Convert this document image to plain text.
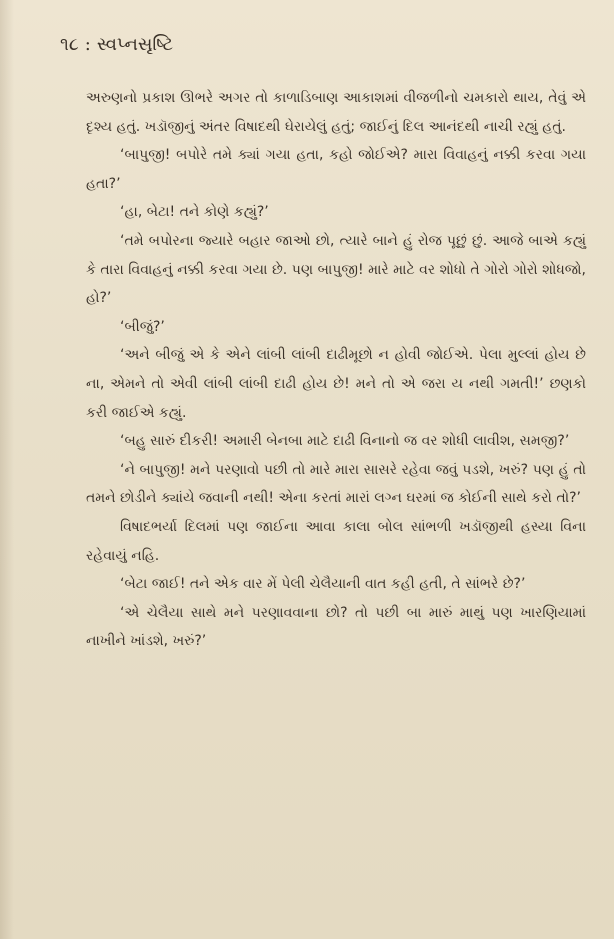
૧૮ : સ્વપ્નસૃષ્ટિ

અરુણનો પ્રકાશ ઊભરે અગર તો કાળાડિબાણ આકાશમાં વીજળીનો ચમકારો થાય, તેવું એ દૃશ્ય હતું. ખડૉજીનું અંતર વિષાદથી ઘેરાયેલું હતું; જાઈનું દિલ આનંદથી નાચી રહ્યું હતું.

‘બાપુજી! બપોરે તમે ક્યાં ગયા હતા, કહો જોઈએ? મારા વિવાહનું નક્કી કરવા ગયા હતા?’

‘હા, બેટા! તને કોણે કહ્યું?’

‘તમે બપોરના જ્યારે બહાર જાઓ છો, ત્યારે બાને હું રોજ પૂછું છું. આજે બાએ કહ્યું કે તારા વિવાહનું નક્કી કરવા ગયા છે. પણ બાપુજી! મારે માટે વર શોધો તે ગોરો ગોરો શોધજો, હો?’

‘બીજું?’

‘અને બીજું એ કે એને લાંબી લાંબી દાઢીમૂછો ન હોવી જોઈએ. પેલા મુલ્લાં હોય છે ના, એમને તો એવી લાંબી લાંબી દાઢી હોય છે! મને તો એ જરા ય નથી ગમતી!’ છણકો કરી જાઈએ કહ્યું.

‘બહુ સારું દીકરી! અમારી બેનબા માટે દાઢી વિનાનો જ વર શોધી લાવીશ, સમજી?’

‘ને બાપુજી! મને પરણાવો પછી તો મારે મારા સાસરે રહેવા જવું પડશે, ખરું? પણ હું તો તમને છોડીને ક્યાંયે જવાની નથી! એના કરતાં મારાં લગ્ન ઘરમાં જ કોઈની સાથે કરો તો?’

વિષાદભર્યા દિલમાં પણ જાઈના આવા કાલા બોલ સાંભળી ખડૉજીથી હસ્યા વિના રહેવાયું નહિ.

‘બેટા જાઈ! તને એક વાર મેં પેલી ચેલૈયાની વાત કહી હતી, તે સાંભરે છે?’

‘એ ચેલૈયા સાથે મને પરણાવવાના છો? તો પછી બા મારું માથું પણ ખારણિયામાં નાખીને ખાંડશે, ખરું?’
